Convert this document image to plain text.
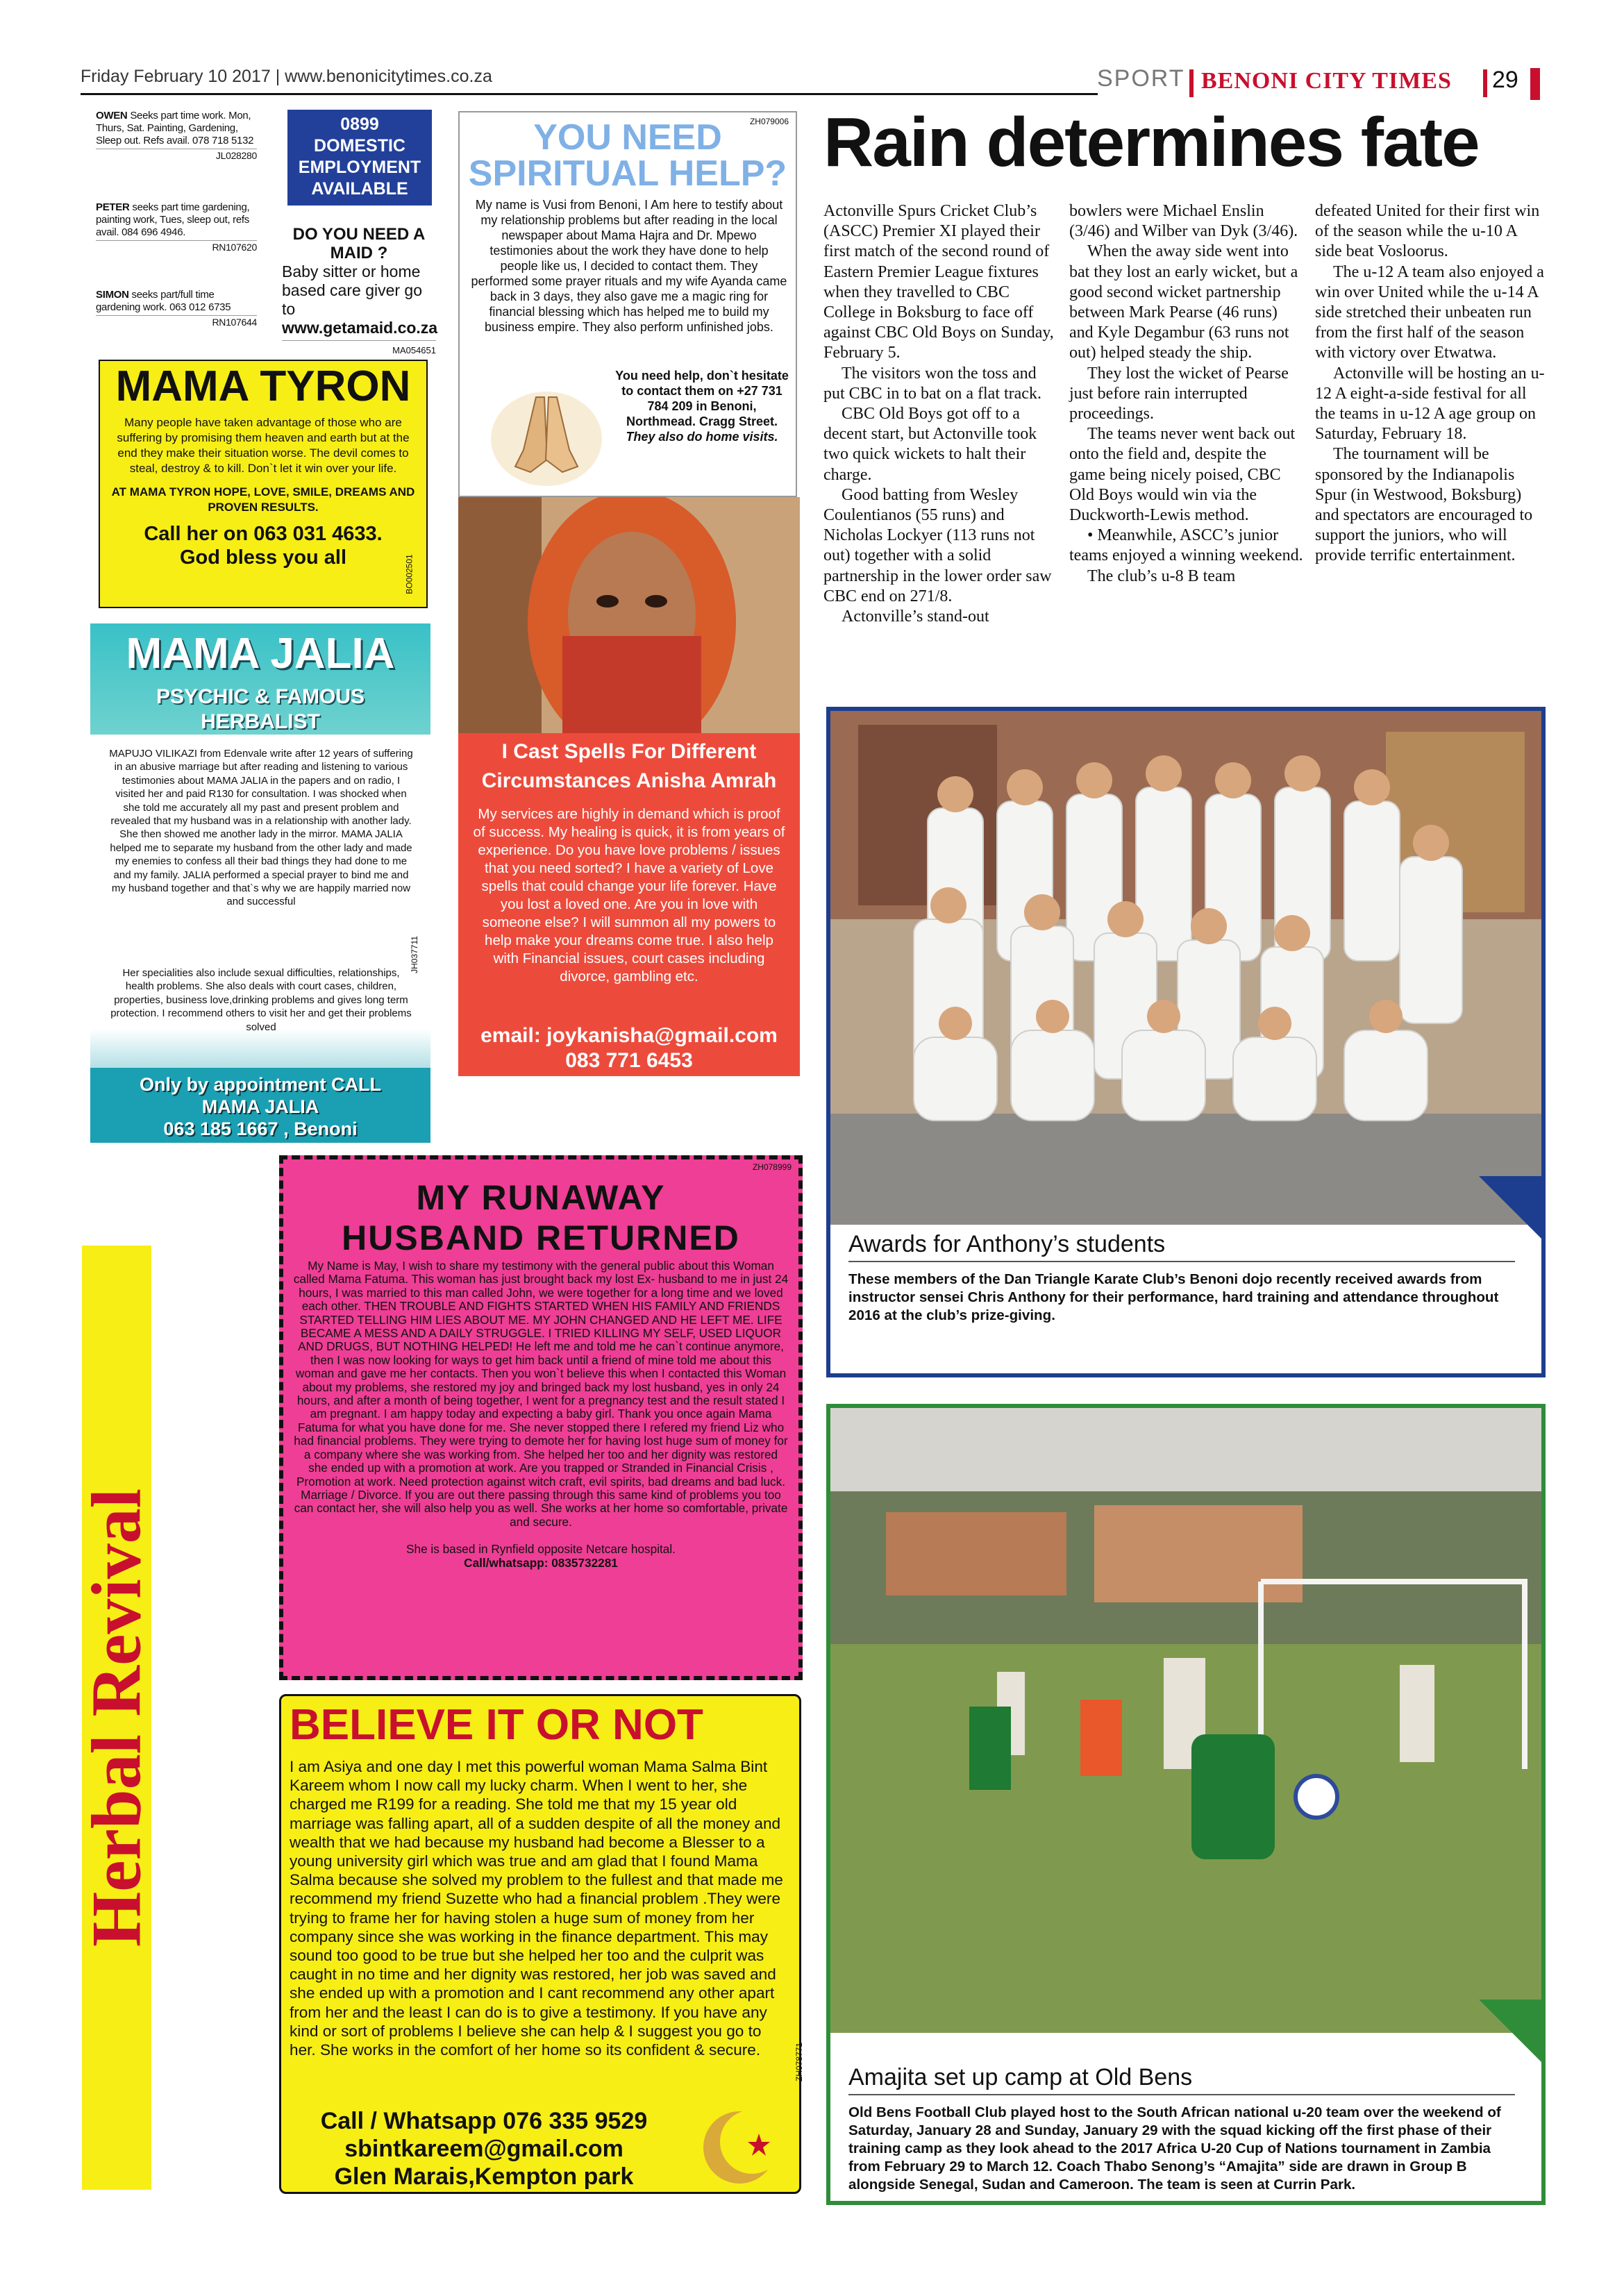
Friday February 10 2017 | www.benonicitytimes.co.za	SPORT BENONI CITY TIMES 29
OWEN Seeks part time work. Mon, Thurs, Sat. Painting, Gardening, Sleep out. Refs avail. 078 718 5132
JL028280
PETER seeks part time gardening, painting work, Tues, sleep out, refs avail. 084 696 4946.
RN107620
SIMON seeks part/full time gardening work. 063 012 6735
RN107644
0899
DOMESTIC
EMPLOYMENT
AVAILABLE
DO YOU NEED A MAID ?
Baby sitter or home based care giver go to www.getamaid.co.za
MA054651
ZH079006
YOU NEED
SPIRITUAL HELP?
My name is Vusi from Benoni, I Am here to testify about my relationship problems but after reading in the local newspaper about Mama Hajra and Dr. Mpewo testimonies about the work they have done to help people like us, I decided to contact them. They performed some prayer rituals and my wife Ayanda came back in 3 days, they also gave me a magic ring for financial blessing which has helped me to build my business empire. They also perform unfinished jobs.
You need help, don`t hesitate to contact them on +27 731 784 209 in Benoni, Northmead. Cragg Street.
They also do home visits.
MAMA TYRON
Many people have taken advantage of those who are suffering by promising them heaven and earth but at the end they make their situation worse. The devil comes to steal, destroy & to kill. Don`t let it win over your life.
AT MAMA TYRON HOPE, LOVE, SMILE, DREAMS AND PROVEN RESULTS.
Call her on 063 031 4633.
God bless you all	BO002501
MAMA JALIA
PSYCHIC & FAMOUS
HERBALIST
MAPUJO VILIKAZI from Edenvale write after 12 years of suffering in an abusive marriage but after reading and listening to various testimonies about MAMA JALIA in the papers and on radio, I visited her and paid R130 for consultation. I was shocked when she told me accurately all my past and present problem and revealed that my husband was in a relationship with another lady. She then showed me another lady in the mirror. MAMA JALIA helped me to separate my husband from the other lady and made my enemies to confess all their bad things they had done to me and my family. JALIA performed a special prayer to bind me and my husband together and that`s why we are happily married now and successful
Her specialities also include sexual difficulties, relationships, health problems. She also deals with court cases, children, properties, business love,drinking problems and gives long term protection. I recommend others to visit her and get their problems solved
JH037711
Only by appointment CALL
MAMA JALIA
063 185 1667 , Benoni
I Cast Spells For Different
Circumstances Anisha Amrah
My services are highly in demand which is proof of success. My healing is quick, it is from years of experience. Do you have love problems / issues that you need sorted? I have a variety of Love spells that could change your life forever. Have you lost a loved one. Are you in love with someone else? I will summon all my powers to help make your dreams come true. I also help with Financial issues, court cases including divorce, gambling etc.
email: joykanisha@gmail.com
083 771 6453
Herbal Revival
ZH078999
MY RUNAWAY
HUSBAND RETURNED
My Name is May, I wish to share my testimony with the general public about this Woman called Mama Fatuma. This woman has just brought back my lost Ex- husband to me in just 24 hours, I was married to this man called John, we were together for a long time and we loved each other. THEN TROUBLE AND FIGHTS STARTED WHEN HIS FAMILY AND FRIENDS STARTED TELLING HIM LIES ABOUT ME. MY JOHN CHANGED AND HE LEFT ME. LIFE BECAME A MESS AND A DAILY STRUGGLE. I TRIED KILLING MY SELF, USED LIQUOR AND DRUGS, BUT NOTHING HELPED! He left me and told me he can`t continue anymore, then I was now looking for ways to get him back until a friend of mine told me about this woman and gave me her contacts. Then you won`t believe this when I contacted this Woman about my problems, she restored my joy and bringed back my lost husband, yes in only 24 hours, and after a month of being together, I went for a pregnancy test and the result stated I am pregnant. I am happy today and expecting a baby girl. Thank you once again Mama Fatuma for what you have done for me. She never stopped there I refered my friend Liz who had financial problems. They were trying to demote her for having lost huge sum of money for a company where she was working from. She helped her too and her dignity was restored she ended up with a promotion at work. Are you trapped or Stranded in Financial Crisis , Promotion at work. Need protection against witch craft, evil spirits, bad dreams and bad luck. Marriage / Divorce. If you are out there passing through this same kind of problems you too can contact her, she will also help you as well. She works at her home so comfortable, private and secure.
She is based in Rynfield opposite Netcare hospital.
Call/whatsapp: 0835732281
BELIEVE IT OR NOT
I am Asiya and one day I met this powerful woman Mama Salma Bint Kareem whom I now call my lucky charm. When I went to her, she charged me R199 for a reading. She told me that my 15 year old marriage was falling apart, all of a sudden despite of all the money and wealth that we had because my husband had become a Blesser to a young university girl which was true and am glad that I found Mama Salma because she solved my problem to the fullest and that made me recommend my friend Suzette who had a financial problem .They were trying to frame her for having stolen a huge sum of money from her company since she was working in the finance department. This may sound too good to be true but she helped her too and the culprit was caught in no time and her dignity was restored, her job was saved and she ended up with a promotion and I cant recommend any other apart from her and the least I can do is to give a testimony. If you have any kind or sort of problems I believe she can help & I suggest you go to her. She works in the comfort of her home so its confident & secure.	ZH078771
Call / Whatsapp 076 335 9529
sbintkareem@gmail.com
Glen Marais,Kempton park
Rain determines fate

Actonville Spurs Cricket Club’s (ASCC) Premier XI played their first match of the second round of Eastern Premier League fixtures when they travelled to CBC College in Boksburg to face off against CBC Old Boys on Sunday, February 5.

The visitors won the toss and put CBC in to bat on a flat track.

CBC Old Boys got off to a decent start, but Actonville took two quick wickets to halt their charge.

Good batting from Wesley Coulentianos (55 runs) and Nicholas Lockyer (113 runs not out) together with a solid partnership in the lower order saw CBC end on 271/8.

Actonville’s stand-out

bowlers were Michael Enslin (3/46) and Wilber van Dyk (3/46).

When the away side went into bat they lost an early wicket, but a good second wicket partnership between Mark Pearse (46 runs) and Kyle Degambur (63 runs not out) helped steady the ship.

They lost the wicket of Pearse just before rain interrupted proceedings.

The teams never went back out onto the field and, despite the game being nicely poised, CBC Old Boys would win via the Duckworth-Lewis method.

• Meanwhile, ASCC’s junior teams enjoyed a winning weekend.

The club’s u-8 B team

defeated United for their first win of the season while the u-10 A side beat Vosloorus.

The u-12 A team also enjoyed a win over United while the u-14 A side stretched their unbeaten run from the first half of the season with victory over Etwatwa.

Actonville will be hosting an u-12 A eight-a-side festival for all the teams in u-12 A age group on Saturday, February 18.

The tournament will be sponsored by the Indianapolis Spur (in Westwood, Boksburg) and spectators are encouraged to support the juniors, who will provide terrific entertainment.

Awards for Anthony’s students
These members of the Dan Triangle Karate Club’s Benoni dojo recently received awards from instructor sensei Chris Anthony for their performance, hard training and attendance throughout 2016 at the club’s prize-giving.
Amajita set up camp at Old Bens
Old Bens Football Club played host to the South African national u-20 team over the weekend of Saturday, January 28 and Sunday, January 29 with the squad kicking off the first phase of their training camp as they look ahead to the 2017 Africa U-20 Cup of Nations tournament in Zambia from February 29 to March 12. Coach Thabo Senong’s “Amajita” side are drawn in Group B alongside Senegal, Sudan and Cameroon. The team is seen at Currin Park.
